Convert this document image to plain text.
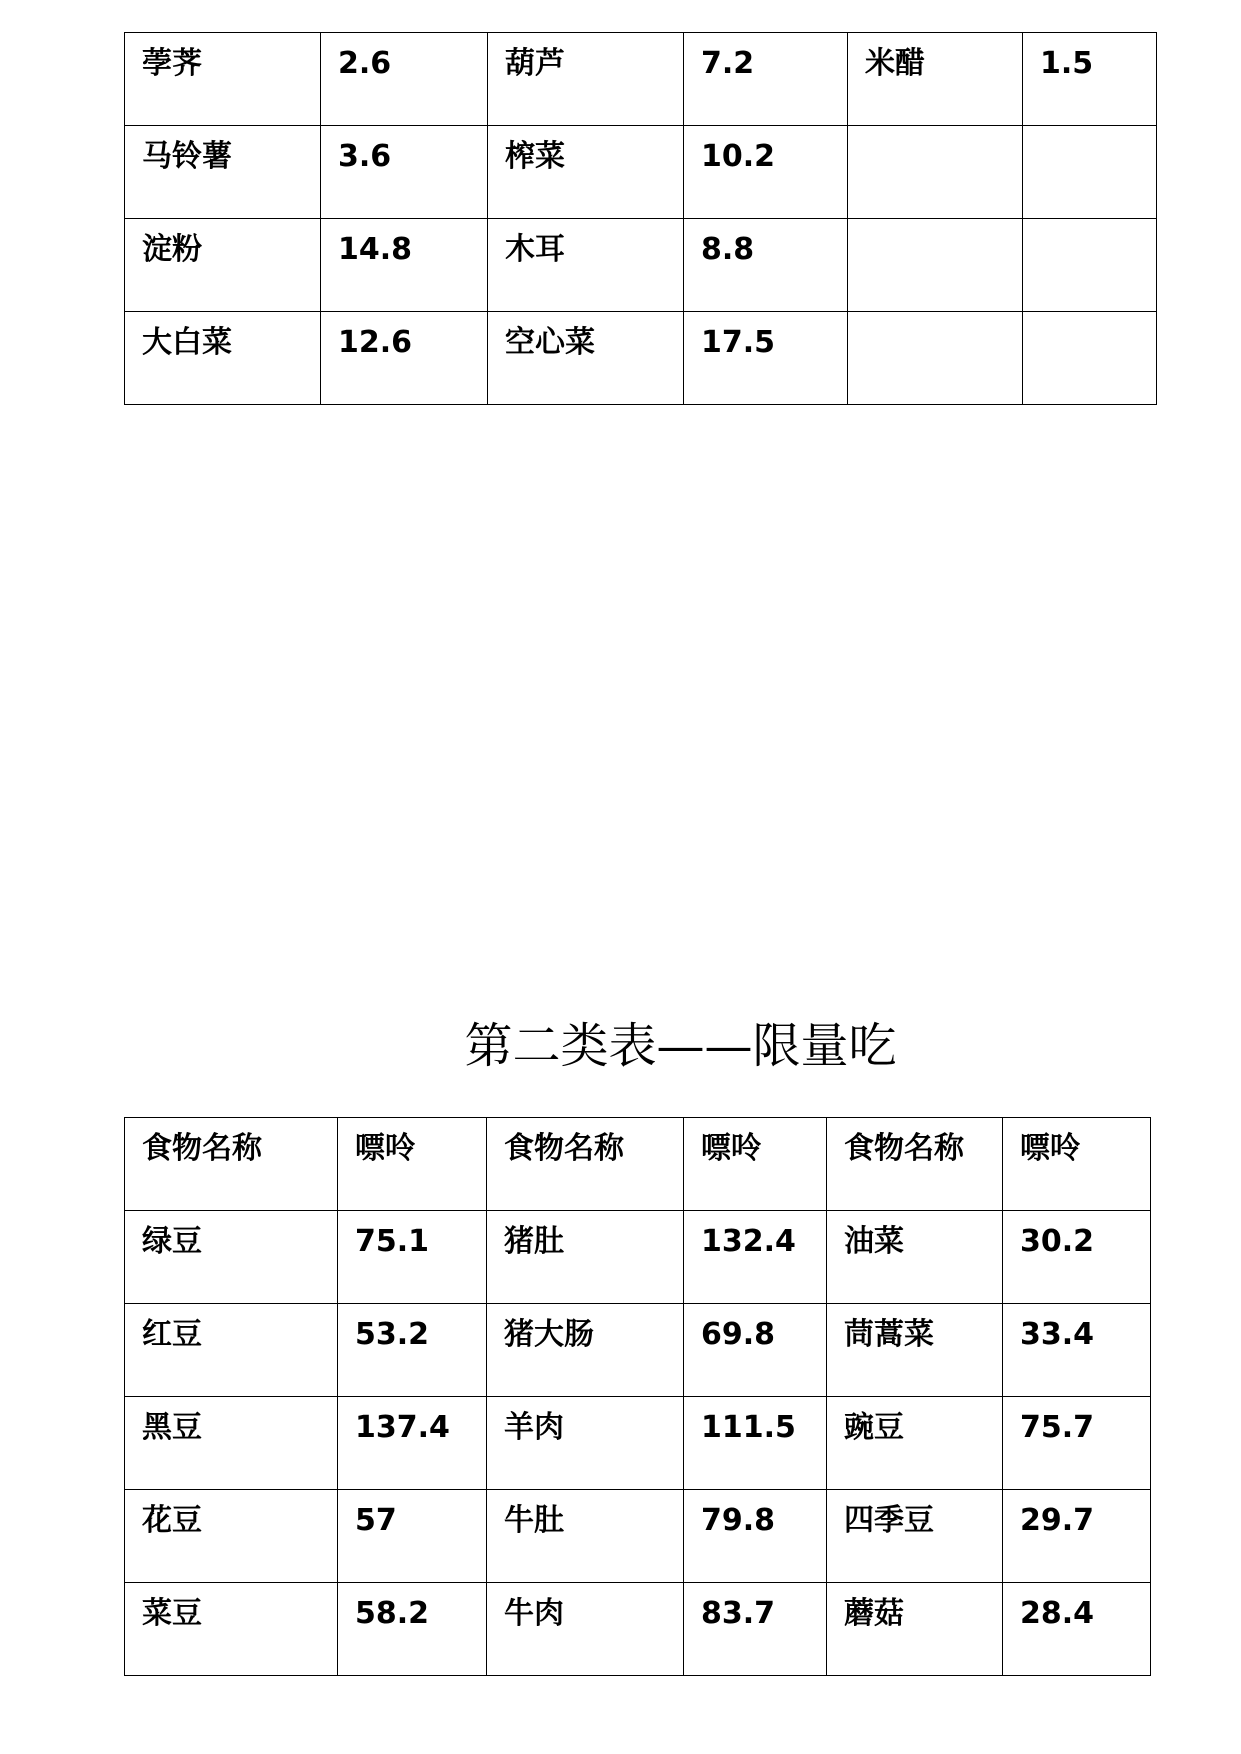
荸荠	2.6	葫芦	7.2	米醋	1.5
马铃薯	3.6	榨菜	10.2		
淀粉	14.8	木耳	8.8		
大白菜	12.6	空心菜	17.5		
第二类表——限量吃
食物名称	嘌呤	食物名称	嘌呤	食物名称	嘌呤
绿豆	75.1	猪肚	132.4	油菜	30.2
红豆	53.2	猪大肠	69.8	茼蒿菜	33.4
黑豆	137.4	羊肉	111.5	豌豆	75.7
花豆	57	牛肚	79.8	四季豆	29.7
菜豆	58.2	牛肉	83.7	蘑菇	28.4
